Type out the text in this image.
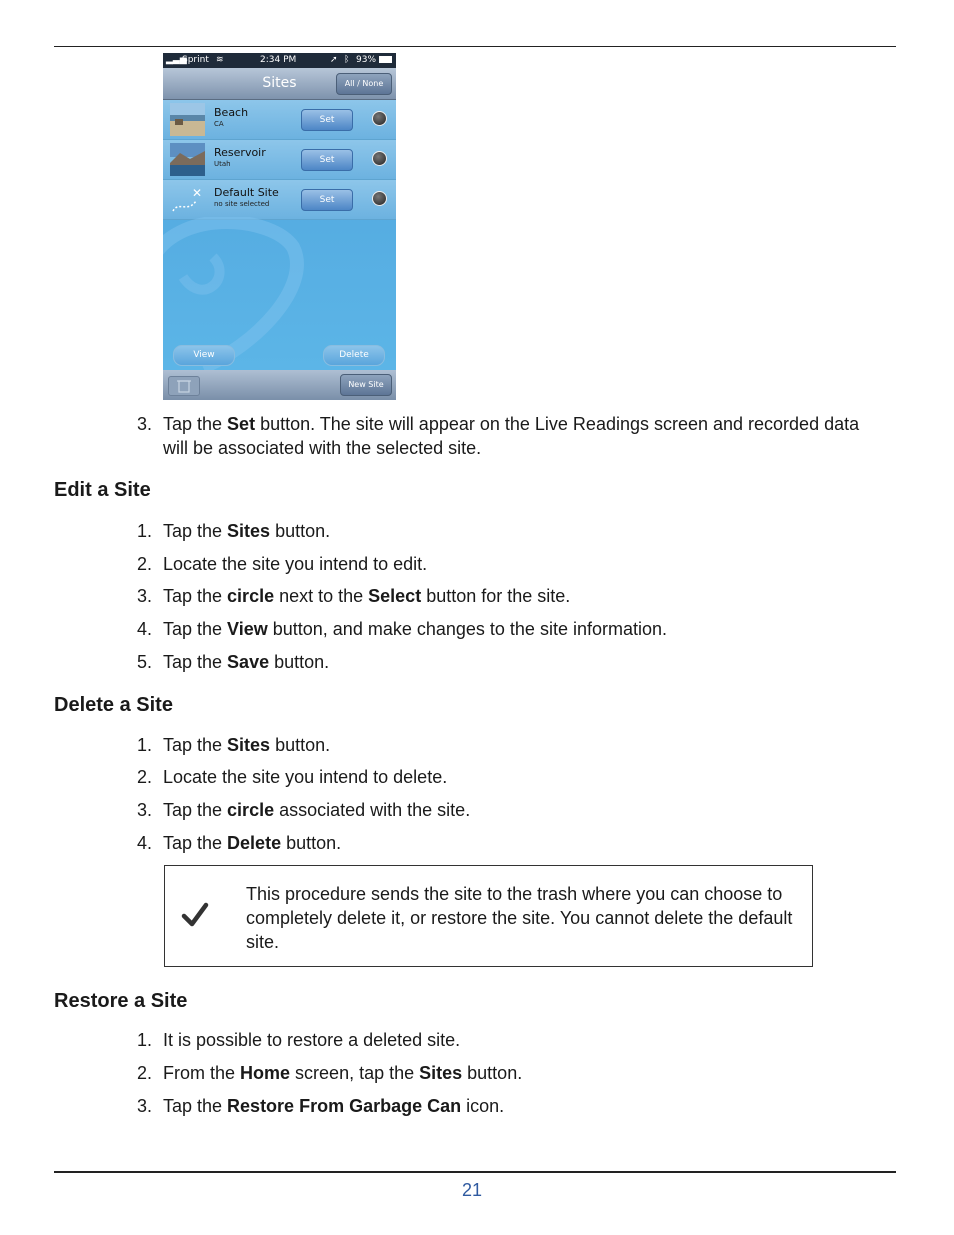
▂▃▅
Sprint ≋	2:34 PM	➚ ᛒ 93%
Sites	All / None
Beach
CA	Set
Reservoir
Utah	Set
✕ Default Site
no site selected	Set
View	Delete
New Site
3. Tap the Set button. The site will appear on the Live Readings screen and recorded data will be associated with the selected site.
Edit a Site
1. Tap the Sites button.
2. Locate the site you intend to edit.
3. Tap the circle next to the Select button for the site.
4. Tap the View button, and make changes to the site information.
5. Tap the Save button.
Delete a Site
1. Tap the Sites button.
2. Locate the site you intend to delete.
3. Tap the circle associated with the site.
4. Tap the Delete button.
This procedure sends the site to the trash where you can choose to completely delete it, or restore the site. You cannot delete the default site.
Restore a Site
1. It is possible to restore a deleted site.
2. From the Home screen, tap the Sites button.
3. Tap the Restore From Garbage Can icon.
21
